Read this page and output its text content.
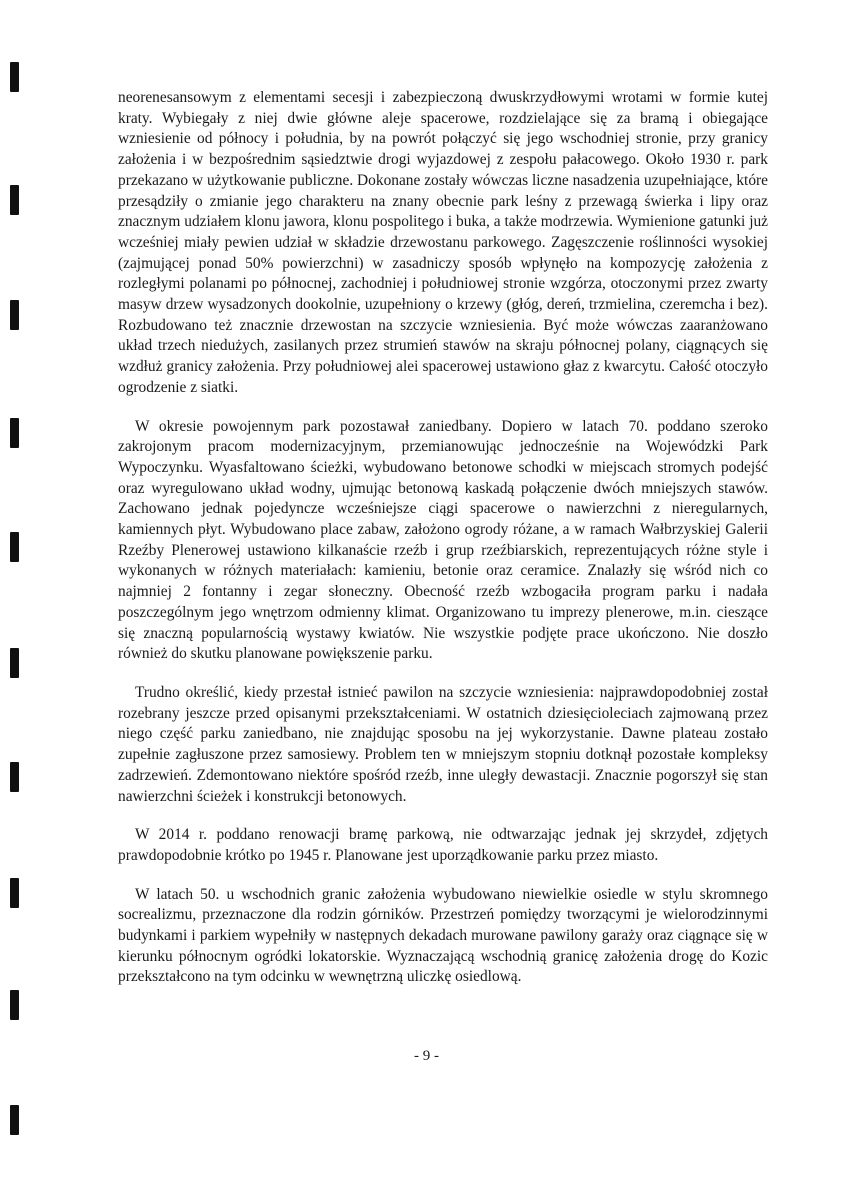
neorenesansowym z elementami secesji i zabezpieczoną dwuskrzydłowymi wrotami w formie kutej kraty. Wybiegały z niej dwie główne aleje spacerowe, rozdzielające się za bramą i obiegające wzniesienie od północy i południa, by na powrót połączyć się jego wschodniej stronie, przy granicy założenia i w bezpośrednim sąsiedztwie drogi wyjazdowej z zespołu pałacowego. Około 1930 r. park przekazano w użytkowanie publiczne. Dokonane zostały wówczas liczne nasadzenia uzupełniające, które przesądziły o zmianie jego charakteru na znany obecnie park leśny z przewagą świerka i lipy oraz znacznym udziałem klonu jawora, klonu pospolitego i buka, a także modrzewia. Wymienione gatunki już wcześniej miały pewien udział w składzie drzewostanu parkowego. Zagęszczenie roślinności wysokiej (zajmującej ponad 50% powierzchni) w zasadniczy sposób wpłynęło na kompozycję założenia z rozległymi polanami po północnej, zachodniej i południowej stronie wzgórza, otoczonymi przez zwarty masyw drzew wysadzonych dookolnie, uzupełniony o krzewy (głóg, dereń, trzmielina, czeremcha i bez). Rozbudowano też znacznie drzewostan na szczycie wzniesienia. Być może wówczas zaaranżowano układ trzech niedużych, zasilanych przez strumień stawów na skraju północnej polany, ciągnących się wzdłuż granicy założenia. Przy południowej alei spacerowej ustawiono głaz z kwarcytu. Całość otoczyło ogrodzenie z siatki.

W okresie powojennym park pozostawał zaniedbany. Dopiero w latach 70. poddano szeroko zakrojonym pracom modernizacyjnym, przemianowując jednocześnie na Wojewódzki Park Wypoczynku. Wyasfaltowano ścieżki, wybudowano betonowe schodki w miejscach stromych podejść oraz wyregulowano układ wodny, ujmując betonową kaskadą połączenie dwóch mniejszych stawów. Zachowano jednak pojedyncze wcześniejsze ciągi spacerowe o nawierzchni z nieregularnych, kamiennych płyt. Wybudowano place zabaw, założono ogrody różane, a w ramach Wałbrzyskiej Galerii Rzeźby Plenerowej ustawiono kilkanaście rzeźb i grup rzeźbiarskich, reprezentujących różne style i wykonanych w różnych materiałach: kamieniu, betonie oraz ceramice. Znalazły się wśród nich co najmniej 2 fontanny i zegar słoneczny. Obecność rzeźb wzbogaciła program parku i nadała poszczególnym jego wnętrzom odmienny klimat. Organizowano tu imprezy plenerowe, m.in. cieszące się znaczną popularnością wystawy kwiatów. Nie wszystkie podjęte prace ukończono. Nie doszło również do skutku planowane powiększenie parku.

Trudno określić, kiedy przestał istnieć pawilon na szczycie wzniesienia: najprawdopodobniej został rozebrany jeszcze przed opisanymi przekształceniami. W ostatnich dziesięcioleciach zajmowaną przez niego część parku zaniedbano, nie znajdując sposobu na jej wykorzystanie. Dawne plateau zostało zupełnie zagłuszone przez samosiewy. Problem ten w mniejszym stopniu dotknął pozostałe kompleksy zadrzewień. Zdemontowano niektóre spośród rzeźb, inne uległy dewastacji. Znacznie pogorszył się stan nawierzchni ścieżek i konstrukcji betonowych.

W 2014 r. poddano renowacji bramę parkową, nie odtwarzając jednak jej skrzydeł, zdjętych prawdopodobnie krótko po 1945 r. Planowane jest uporządkowanie parku przez miasto.

W latach 50. u wschodnich granic założenia wybudowano niewielkie osiedle w stylu skromnego socrealizmu, przeznaczone dla rodzin górników. Przestrzeń pomiędzy tworzącymi je wielorodzinnymi budynkami i parkiem wypełniły w następnych dekadach murowane pawilony garaży oraz ciągnące się w kierunku północnym ogródki lokatorskie. Wyznaczającą wschodnią granicę założenia drogę do Kozic przekształcono na tym odcinku w wewnętrzną uliczkę osiedlową.

- 9 -
